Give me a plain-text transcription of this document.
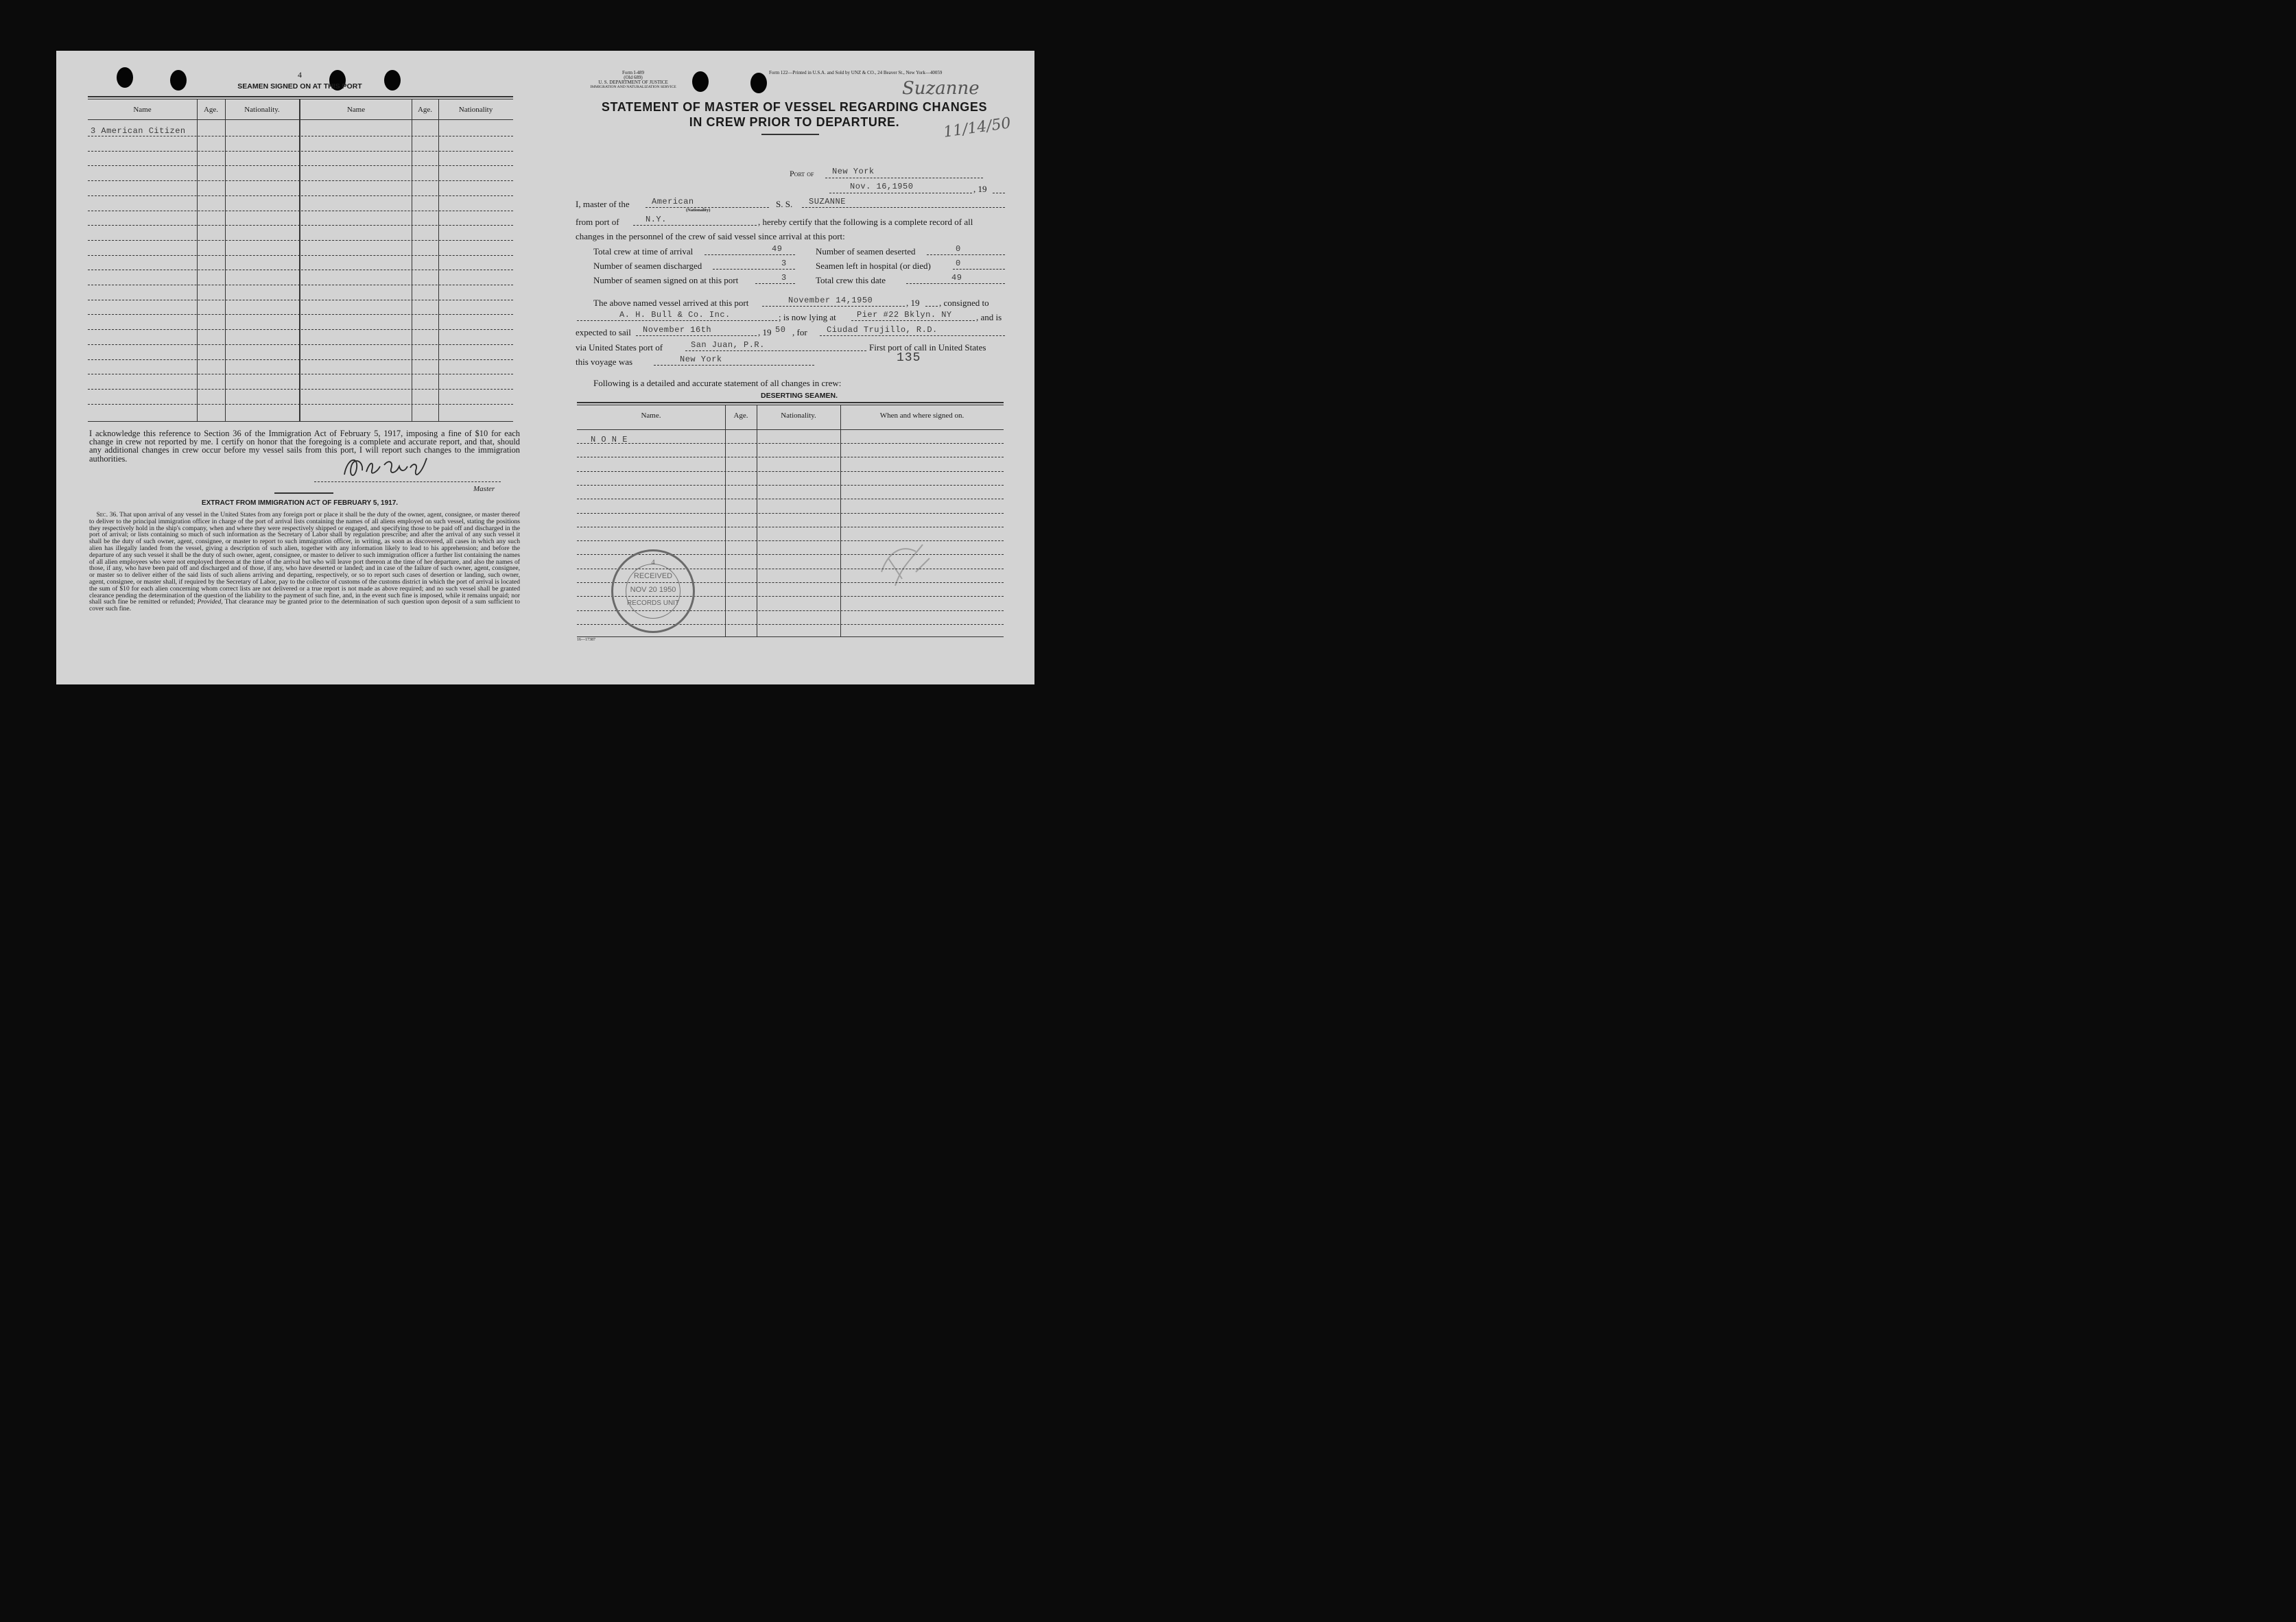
4
SEAMEN SIGNED ON AT THIS PORT
Name	Age.	Nationality.	Name	Age.	Nationality
3 American Citizen
I acknowledge this reference to Section 36 of the Immigration Act of February 5, 1917, imposing a fine of $10 for each change in crew not reported by me. I certify on honor that the foregoing is a complete and accurate report, and that, should any additional changes in crew occur before my vessel sails from this port, I will report such changes to the immigration authorities.
Master
EXTRACT FROM IMMIGRATION ACT OF FEBRUARY 5, 1917.
Sec. 36. That upon arrival of any vessel in the United States from any foreign port or place it shall be the duty of the owner, agent, consignee, or master thereof to deliver to the principal immigration officer in charge of the port of arrival lists containing the names of all aliens employed on such vessel, stating the positions they respectively hold in the ship's company, when and where they were respectively shipped or engaged, and specifying those to be paid off and discharged in the port of arrival; or lists containing so much of such information as the Secretary of Labor shall by regulation prescribe; and after the arrival of any such vessel it shall be the duty of such owner, agent, consignee, or master to report to such immigration officer, in writing, as soon as discovered, all cases in which any such alien has illegally landed from the vessel, giving a description of such alien, together with any information likely to lead to his apprehension; and before the departure of any such vessel it shall be the duty of such owner, agent, consignee, or master to deliver to such immigration officer a further list containing the names of all alien employees who were not employed thereon at the time of the arrival but who will leave port thereon at the time of her departure, and also the names of those, if any, who have been paid off and discharged and of those, if any, who have deserted or landed; and in case of the failure of such owner, agent, consignee, or master so to deliver either of the said lists of such aliens arriving and departing, respectively, or so to report such cases of desertion or landing, such owner, agent, consignee, or master shall, if required by the Secretary of Labor, pay to the collector of customs of the customs district in which the port of arrival is located the sum of $10 for each alien concerning whom correct lists are not delivered or a true report is not made as above required; and no such vessel shall be granted clearance pending the determination of the question of the liability to the payment of such fine, and, in the event such fine is imposed, while it remains unpaid; nor shall such fine be remitted or refunded; Provided, That clearance may be granted prior to the determination of such question upon deposit of a sum sufficient to cover such fine.
Form I-489
(Old 689)
U. S. DEPARTMENT OF JUSTICE
IMMIGRATION AND NATURALIZATION SERVICE
Form 122—Printed in U.S.A. and Sold by UNZ & CO., 24 Beaver St., New York—40059
Suzanne
11/14/50
STATEMENT OF MASTER OF VESSEL REGARDING CHANGES
IN CREW PRIOR TO DEPARTURE.
Port of New York
Nov. 16,1950	, 19
I, master of the	American
(Nationality)
S. S. SUZANNE
from port of	N.Y.	, hereby certify that the following is a complete record of all
changes in the personnel of the crew of said vessel since arrival at this port:
Total crew at time of arrival	49	Number of seamen deserted	0
Number of seamen discharged	3	Seamen left in hospital (or died)	0
Number of seamen signed on at this port	3	Total crew this date	49
The above named vessel arrived at this port	November 14,1950	, 19 , consigned to
A. H. Bull & Co. Inc.	; is now lying at	Pier #22 Bklyn. NY	, and is
expected to sail November 16th	, 19 50 , for Ciudad Trujillo, R.D.
via United States port of	San Juan, P.R.	First port of call in United States
this voyage was	New York	135
Following is a detailed and accurate statement of all changes in crew:
DESERTING SEAMEN.
Name.	Age.	Nationality.	When and where signed on.
N O N E
16—17387
4
RECEIVED
NOV 20 1950
RECORDS UNIT
